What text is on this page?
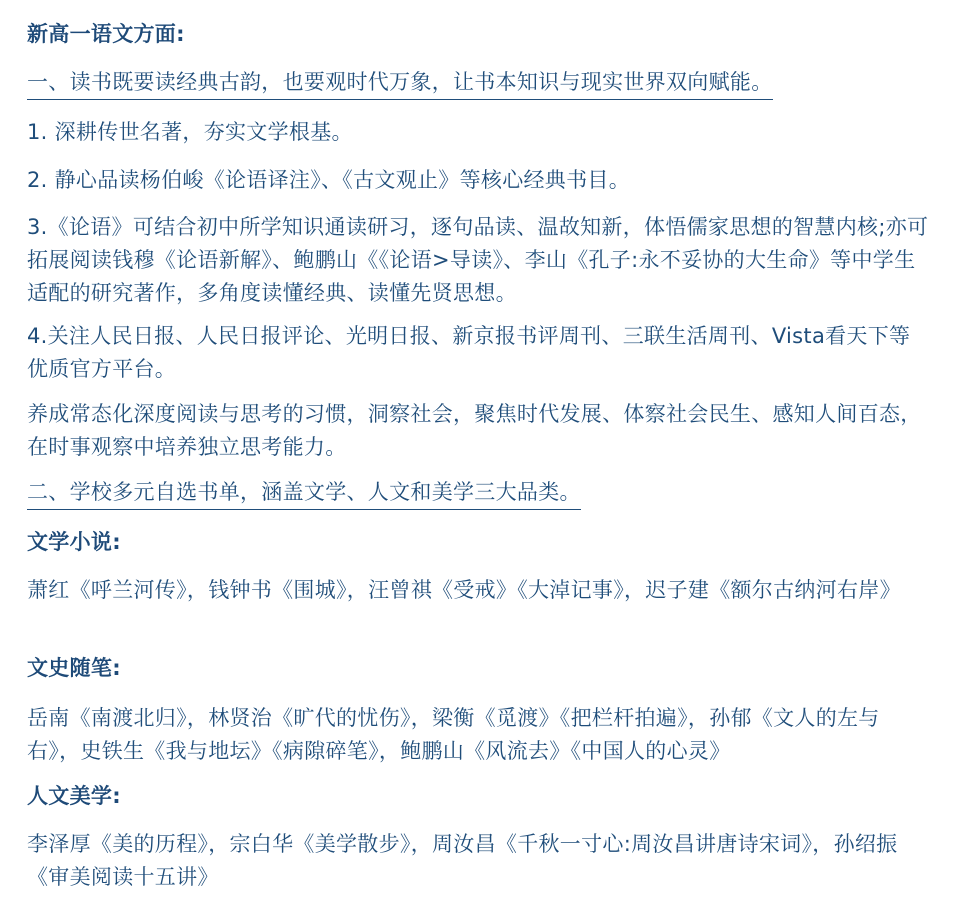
新高一语文方面:
一、读书既要读经典古韵，也要观时代万象，让书本知识与现实世界双向赋能。
1. 深耕传世名著，夯实文学根基。
2. 静心品读杨伯峻《论语译注》、《古文观止》等核心经典书目。
3.《论语》可结合初中所学知识通读研习，逐句品读、温故知新，体悟儒家思想的智慧内核;亦可拓展阅读钱穆《论语新解》、鲍鹏山《《论语>导读》、李山《孔子:永不妥协的大生命》等中学生适配的研究著作，多角度读懂经典、读懂先贤思想。
4.关注人民日报、人民日报评论、光明日报、新京报书评周刊、三联生活周刊、Vista看天下等优质官方平台。
养成常态化深度阅读与思考的习惯，洞察社会，聚焦时代发展、体察社会民生、感知人间百态，在时事观察中培养独立思考能力。
二、学校多元自选书单，涵盖文学、人文和美学三大品类。
文学小说:
萧红《呼兰河传》，钱钟书《围城》，汪曾祺《受戒》《大淖记事》，迟子建《额尔古纳河右岸》
文史随笔:
岳南《南渡北归》，林贤治《旷代的忧伤》，梁衡《觅渡》《把栏杆拍遍》，孙郁《文人的左与右》，史铁生《我与地坛》《病隙碎笔》，鲍鹏山《风流去》《中国人的心灵》
人文美学:
李泽厚《美的历程》，宗白华《美学散步》，周汝昌《千秋一寸心:周汝昌讲唐诗宋词》，孙绍振《审美阅读十五讲》
